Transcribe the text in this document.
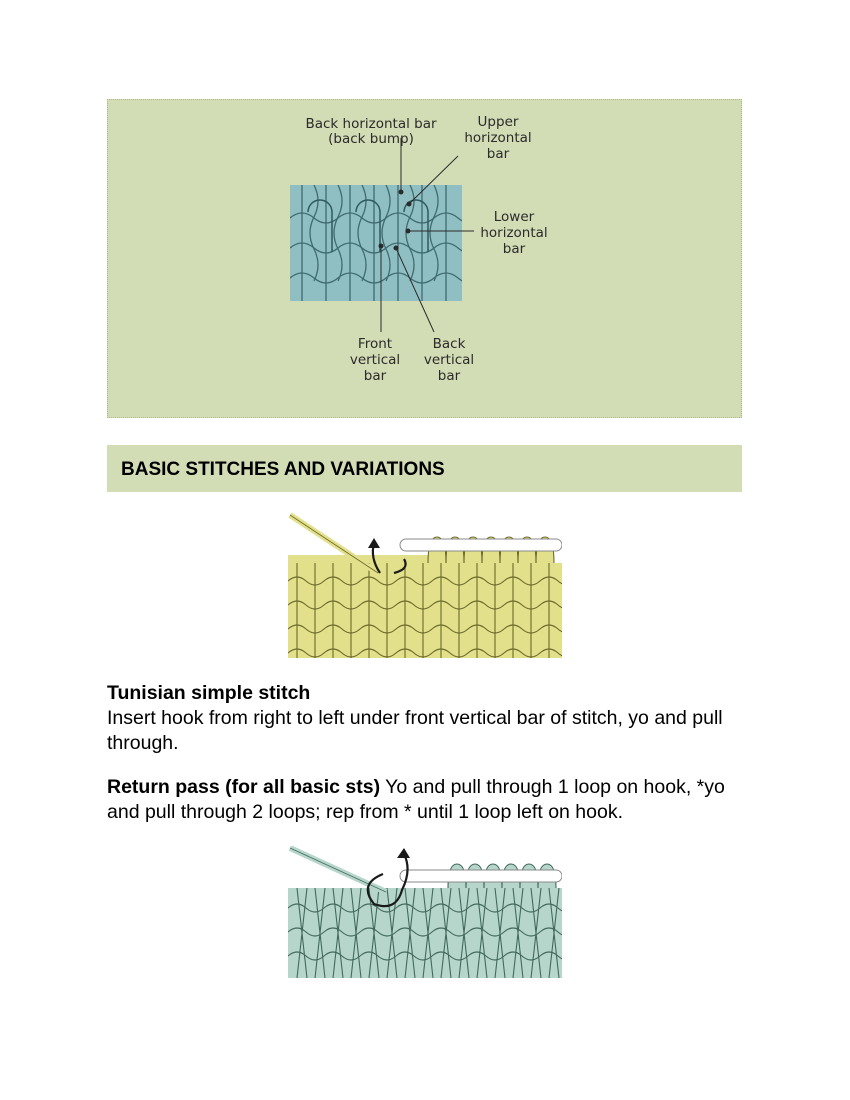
Back horizontal bar
(back bump)
Upper
horizontal
bar
Lower
horizontal
bar
Front
vertical
bar
Back
vertical
bar
BASIC STITCHES AND VARIATIONS

Tunisian simple stitch
Insert hook from right to left under front vertical bar of stitch, yo and pull through.

Return pass (for all basic sts) Yo and pull through 1 loop on hook, *yo and pull through 2 loops; rep from * until 1 loop left on hook.
